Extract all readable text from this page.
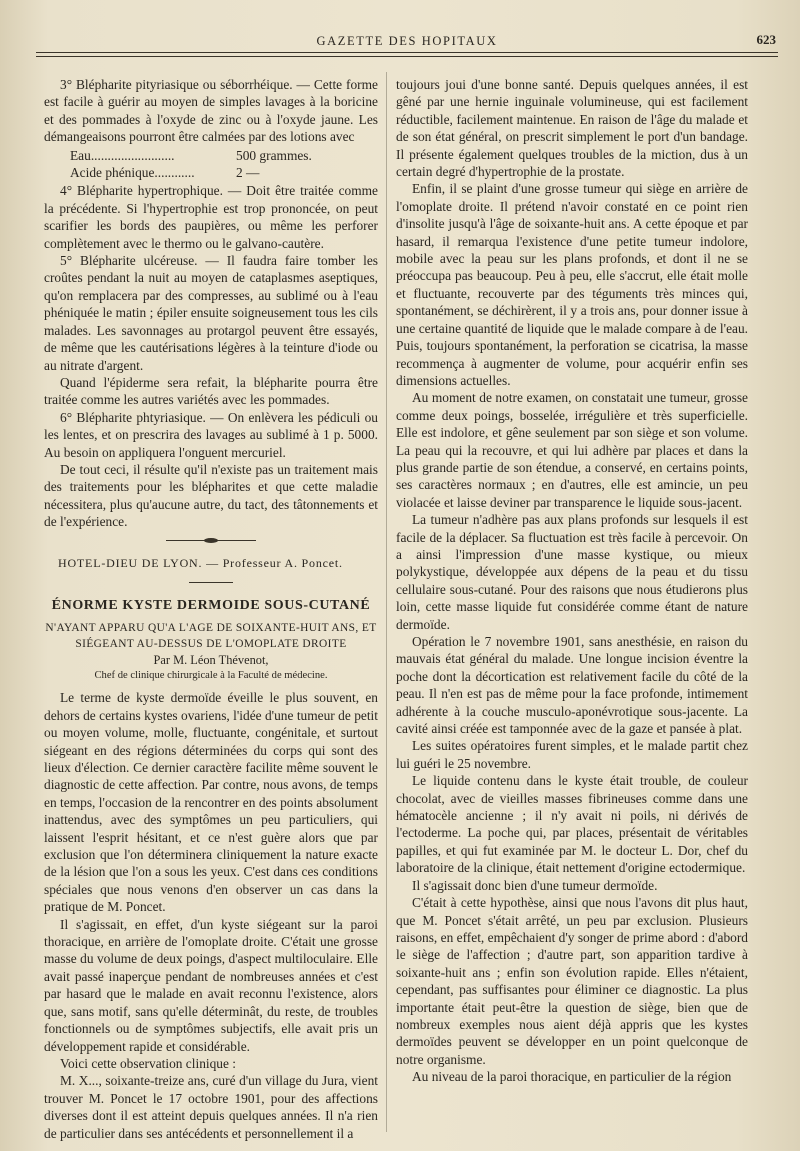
GAZETTE DES HOPITAUX	623

3° Blépharite pityriasique ou séborrhéique. — Cette forme est facile à guérir au moyen de simples lavages à la boricine et des pommades à l'oxyde de zinc ou à l'oxyde jaune. Les démangeaisons pourront être calmées par des lotions avec

Eau.........................	500 grammes.
Acide phénique............	2 —

4° Blépharite hypertrophique. — Doit être traitée comme la précédente. Si l'hypertrophie est trop prononcée, on peut scarifier les bords des paupières, ou même les perforer complètement avec le thermo ou le galvano-cautère.

5° Blépharite ulcéreuse. — Il faudra faire tomber les croûtes pendant la nuit au moyen de cataplasmes aseptiques, qu'on remplacera par des compresses, au sublimé ou à l'eau phéniquée le matin ; épiler ensuite soigneusement tous les cils malades. Les savonnages au protargol peuvent être essayés, de même que les cautérisations légères à la teinture d'iode ou au nitrate d'argent.

Quand l'épiderme sera refait, la blépharite pourra être traitée comme les autres variétés avec les pommades.

6° Blépharite phtyriasique. — On enlèvera les pédiculi ou les lentes, et on prescrira des lavages au sublimé à 1 p. 5000. Au besoin on appliquera l'onguent mercuriel.

De tout ceci, il résulte qu'il n'existe pas un traitement mais des traitements pour les blépharites et que cette maladie nécessitera, plus qu'aucune autre, du tact, des tâtonnements et de l'expérience.

HOTEL-DIEU DE LYON. — Professeur A. Poncet.

ÉNORME KYSTE DERMOIDE SOUS-CUTANÉ

N'AYANT APPARU QU'A L'AGE DE SOIXANTE-HUIT ANS, ET SIÉGEANT AU-DESSUS DE L'OMOPLATE DROITE

Par M. Léon Thévenot,

Chef de clinique chirurgicale à la Faculté de médecine.

Le terme de kyste dermoïde éveille le plus souvent, en dehors de certains kystes ovariens, l'idée d'une tumeur de petit ou moyen volume, molle, fluctuante, congénitale, et surtout siégeant en des régions déterminées du corps qui sont des lieux d'élection. Ce dernier caractère facilite même souvent le diagnostic de cette affection. Par contre, nous avons, de temps en temps, l'occasion de la rencontrer en des points absolument inattendus, avec des symptômes un peu particuliers, qui laissent l'esprit hésitant, et ce n'est guère alors que par exclusion que l'on déterminera cliniquement la nature exacte de la lésion que l'on a sous les yeux. C'est dans ces conditions spéciales que nous venons d'en observer un cas dans la pratique de M. Poncet.

Il s'agissait, en effet, d'un kyste siégeant sur la paroi thoracique, en arrière de l'omoplate droite. C'était une grosse masse du volume de deux poings, d'aspect multiloculaire. Elle avait passé inaperçue pendant de nombreuses années et c'est par hasard que le malade en avait reconnu l'existence, alors que, sans motif, sans qu'elle déterminât, du reste, de troubles fonctionnels ou de symptômes subjectifs, elle avait pris un développement rapide et considérable.

Voici cette observation clinique :

M. X..., soixante-treize ans, curé d'un village du Jura, vient trouver M. Poncet le 17 octobre 1901, pour des affections diverses dont il est atteint depuis quelques années. Il n'a rien de particulier dans ses antécédents et personnellement il a

toujours joui d'une bonne santé. Depuis quelques années, il est gêné par une hernie inguinale volumineuse, qui est facilement réductible, facilement maintenue. En raison de l'âge du malade et de son état général, on prescrit simplement le port d'un bandage. Il présente également quelques troubles de la miction, dus à un certain degré d'hypertrophie de la prostate.

Enfin, il se plaint d'une grosse tumeur qui siège en arrière de l'omoplate droite. Il prétend n'avoir constaté en ce point rien d'insolite jusqu'à l'âge de soixante-huit ans. A cette époque et par hasard, il remarqua l'existence d'une petite tumeur indolore, mobile avec la peau sur les plans profonds, et dont il ne se préoccupa pas beaucoup. Peu à peu, elle s'accrut, elle était molle et fluctuante, recouverte par des téguments très minces qui, spontanément, se déchirèrent, il y a trois ans, pour donner issue à une certaine quantité de liquide que le malade compare à de l'eau. Puis, toujours spontanément, la perforation se cicatrisa, la masse recommença à augmenter de volume, pour acquérir enfin ses dimensions actuelles.

Au moment de notre examen, on constatait une tumeur, grosse comme deux poings, bosselée, irrégulière et très superficielle. Elle est indolore, et gêne seulement par son siège et son volume. La peau qui la recouvre, et qui lui adhère par places et dans la plus grande partie de son étendue, a conservé, en certains points, ses caractères normaux ; en d'autres, elle est amincie, un peu violacée et laisse deviner par transparence le liquide sous-jacent.

La tumeur n'adhère pas aux plans profonds sur lesquels il est facile de la déplacer. Sa fluctuation est très facile à percevoir. On a ainsi l'impression d'une masse kystique, ou mieux polykystique, développée aux dépens de la peau et du tissu cellulaire sous-cutané. Pour des raisons que nous étudierons plus loin, cette masse liquide fut considérée comme étant de nature dermoïde.

Opération le 7 novembre 1901, sans anesthésie, en raison du mauvais état général du malade. Une longue incision éventre la poche dont la décortication est relativement facile du côté de la peau. Il n'en est pas de même pour la face profonde, intimement adhérente à la couche musculo-aponévrotique sous-jacente. La cavité ainsi créée est tamponnée avec de la gaze et pansée à plat.

Les suites opératoires furent simples, et le malade partit chez lui guéri le 25 novembre.

Le liquide contenu dans le kyste était trouble, de couleur chocolat, avec de vieilles masses fibrineuses comme dans une hématocèle ancienne ; il n'y avait ni poils, ni dérivés de l'ectoderme. La poche qui, par places, présentait de véritables papilles, et qui fut examinée par M. le docteur L. Dor, chef du laboratoire de la clinique, était nettement d'origine ectodermique.

Il s'agissait donc bien d'une tumeur dermoïde.

C'était à cette hypothèse, ainsi que nous l'avons dit plus haut, que M. Poncet s'était arrêté, un peu par exclusion. Plusieurs raisons, en effet, empêchaient d'y songer de prime abord : d'abord le siège de l'affection ; d'autre part, son apparition tardive à soixante-huit ans ; enfin son évolution rapide. Elles n'étaient, cependant, pas suffisantes pour éliminer ce diagnostic. La plus importante était peut-être la question de siège, bien que de nombreux exemples nous aient déjà appris que les kystes dermoïdes peuvent se développer en un point quelconque de notre organisme.

Au niveau de la paroi thoracique, en particulier de la région
